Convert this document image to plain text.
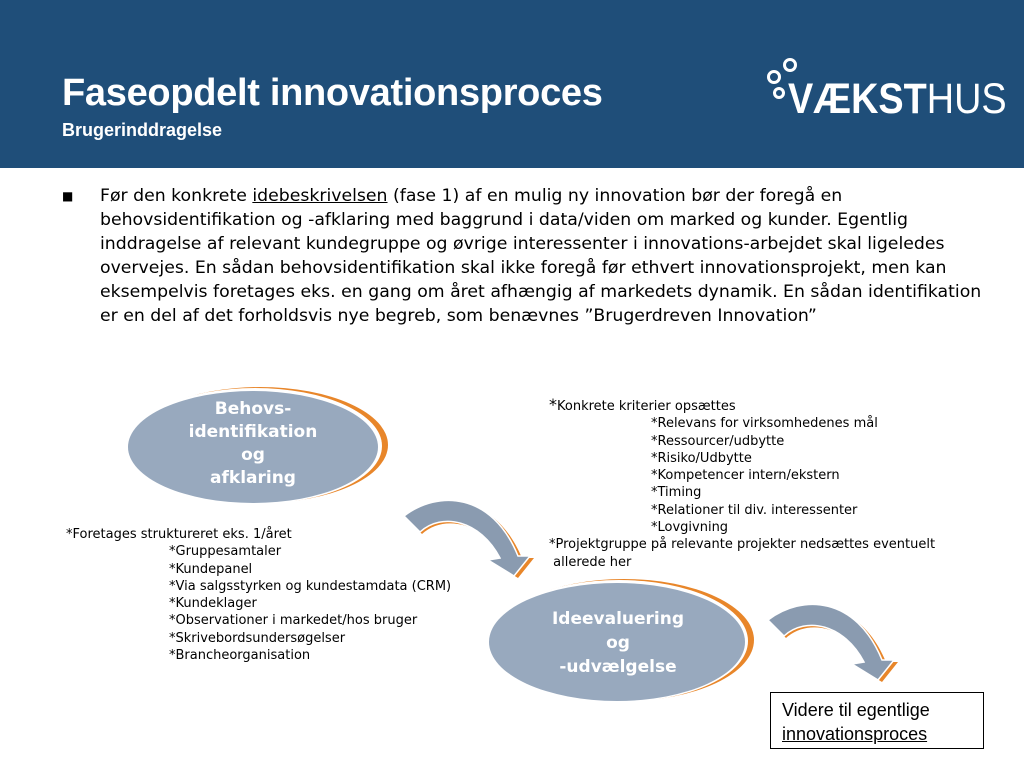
Faseopdelt innovationsproces
Brugerinddragelse
VÆKSTHUS
■ Før den konkrete idebeskrivelsen (fase 1) af en mulig ny innovation bør der foregå en behovsidentifikation og -afklaring med baggrund i data/viden om marked og kunder. Egentlig inddragelse af relevant kundegruppe og øvrige interessenter i innovations-arbejdet skal ligeledes overvejes. En sådan behovsidentifikation skal ikke foregå før ethvert innovationsprojekt, men kan eksempelvis foretages eks. en gang om året afhængig af markedets dynamik. En sådan identifikation er en del af det forholdsvis nye begreb, som benævnes ”Brugerdreven Innovation”

Behovs-
identifikation
og
afklaring
Ideevaluering
og
-udvælgelse
*Foretages struktureret eks. 1/året
*Gruppesamtaler
*Kundepanel
*Via salgsstyrken og kundestamdata (CRM)
*Kundeklager
*Observationer i markedet/hos bruger
*Skrivebordsundersøgelser
*Brancheorganisation
*Konkrete kriterier opsættes
*Relevans for virksomhedenes mål
*Ressourcer/udbytte
*Risiko/Udbytte
*Kompetencer intern/ekstern
*Timing
*Relationer til div. interessenter
*Lovgivning
*Projektgruppe på relevante projekter nedsættes eventuelt
allerede her
Videre til egentlige
innovationsproces
